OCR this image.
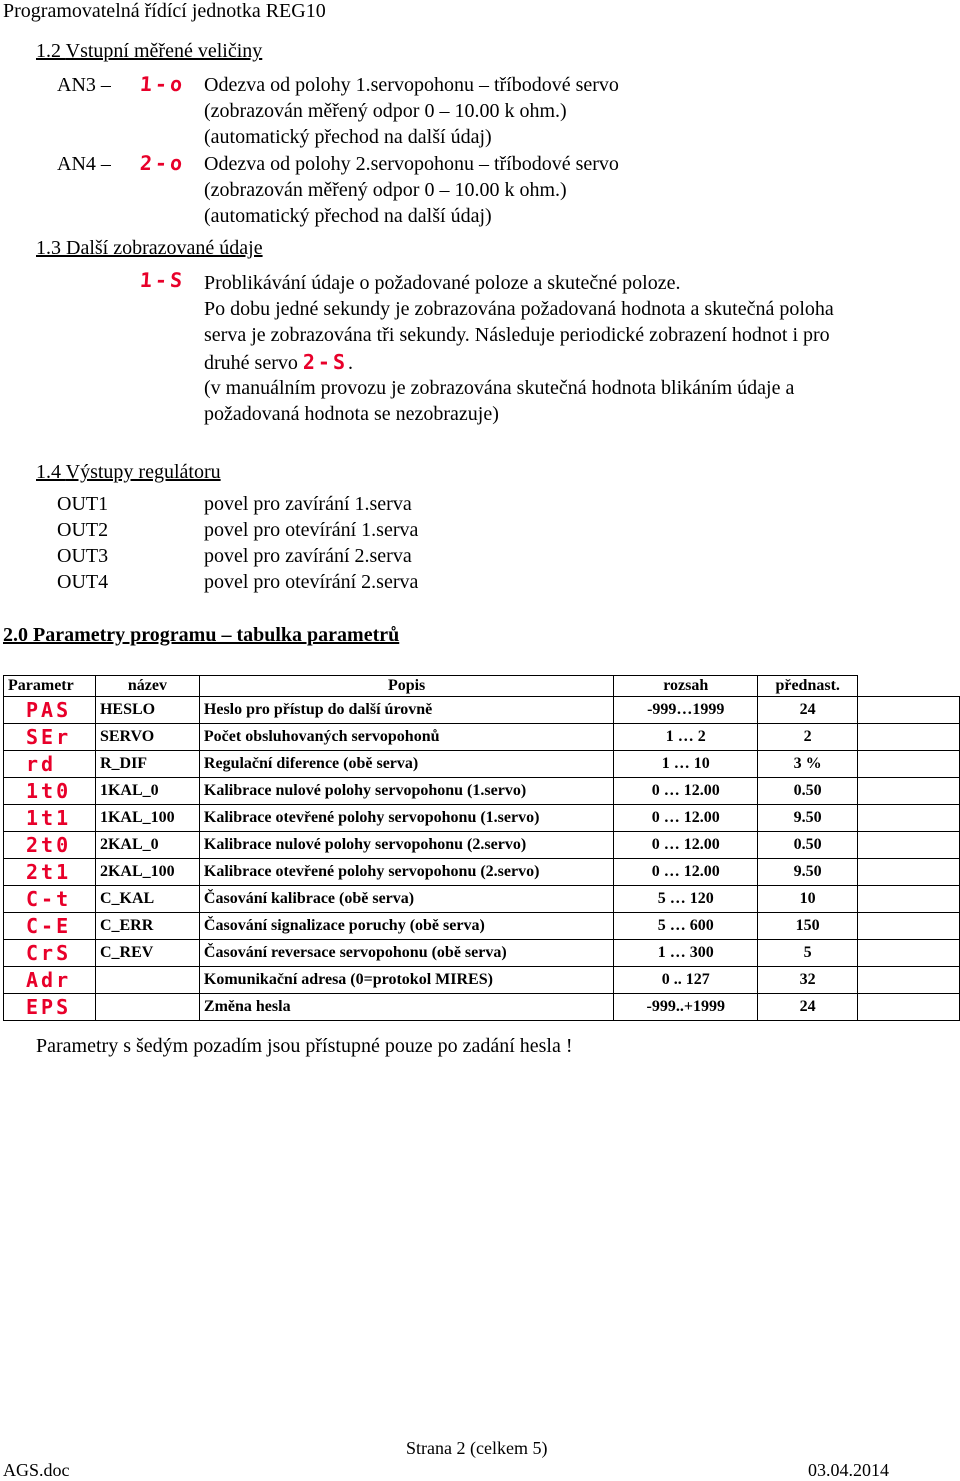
Programovatelná řídící jednotka REG10
1.2 Vstupní měřené veličiny
AN3 – 1-o Odezva od polohy 1.servopohonu – tříbodové servo
(zobrazován měřený odpor 0 – 10.00 k ohm.)
(automatický přechod na další údaj)
AN4 – 2-o Odezva od polohy 2.servopohonu – tříbodové servo
(zobrazován měřený odpor 0 – 10.00 k ohm.)
(automatický přechod na další údaj)
1.3 Další zobrazované údaje
1-S Problikávání údaje o požadované poloze a skutečné poloze.
Po dobu jedné sekundy je zobrazována požadovaná hodnota a skutečná poloha
serva je zobrazována tři sekundy. Následuje periodické zobrazení hodnot i pro
druhé servo 2-S.
(v manuálním provozu je zobrazována skutečná hodnota blikáním údaje a
požadovaná hodnota se nezobrazuje)
1.4 Výstupy regulátoru
OUT1	povel pro zavírání 1.serva
OUT2	povel pro otevírání 1.serva
OUT3	povel pro zavírání 2.serva
OUT4	povel pro otevírání 2.serva
2.0 Parametry programu – tabulka parametrů
Parametr	název	Popis	rozsah	přednast.	
PAS	HESLO	Heslo pro přístup do další úrovně	-999…1999	24	
SEr	SERVO	Počet obsluhovaných servopohonů	1 … 2	2	
rd	R_DIF	Regulační diference (obě serva)	1 … 10	3 %	
1t0	1KAL_0	Kalibrace nulové polohy servopohonu (1.servo)	0 … 12.00	0.50	
1t1	1KAL_100	Kalibrace otevřené polohy servopohonu (1.servo)	0 … 12.00	9.50	
2t0	2KAL_0	Kalibrace nulové polohy servopohonu (2.servo)	0 … 12.00	0.50	
2t1	2KAL_100	Kalibrace otevřené polohy servopohonu (2.servo)	0 … 12.00	9.50	
C-t	C_KAL	Časování kalibrace (obě serva)	5 … 120	10	
C-E	C_ERR	Časování signalizace poruchy (obě serva)	5 … 600	150	
CrS	C_REV	Časování reversace servopohonu (obě serva)	1 … 300	5	
Adr		Komunikační adresa (0=protokol MIRES)	0 .. 127	32	
EPS		Změna hesla	-999..+1999	24	
Parametry s šedým pozadím jsou přístupné pouze po zadání hesla !
Strana 2 (celkem 5)
AGS.doc	03.04.2014
